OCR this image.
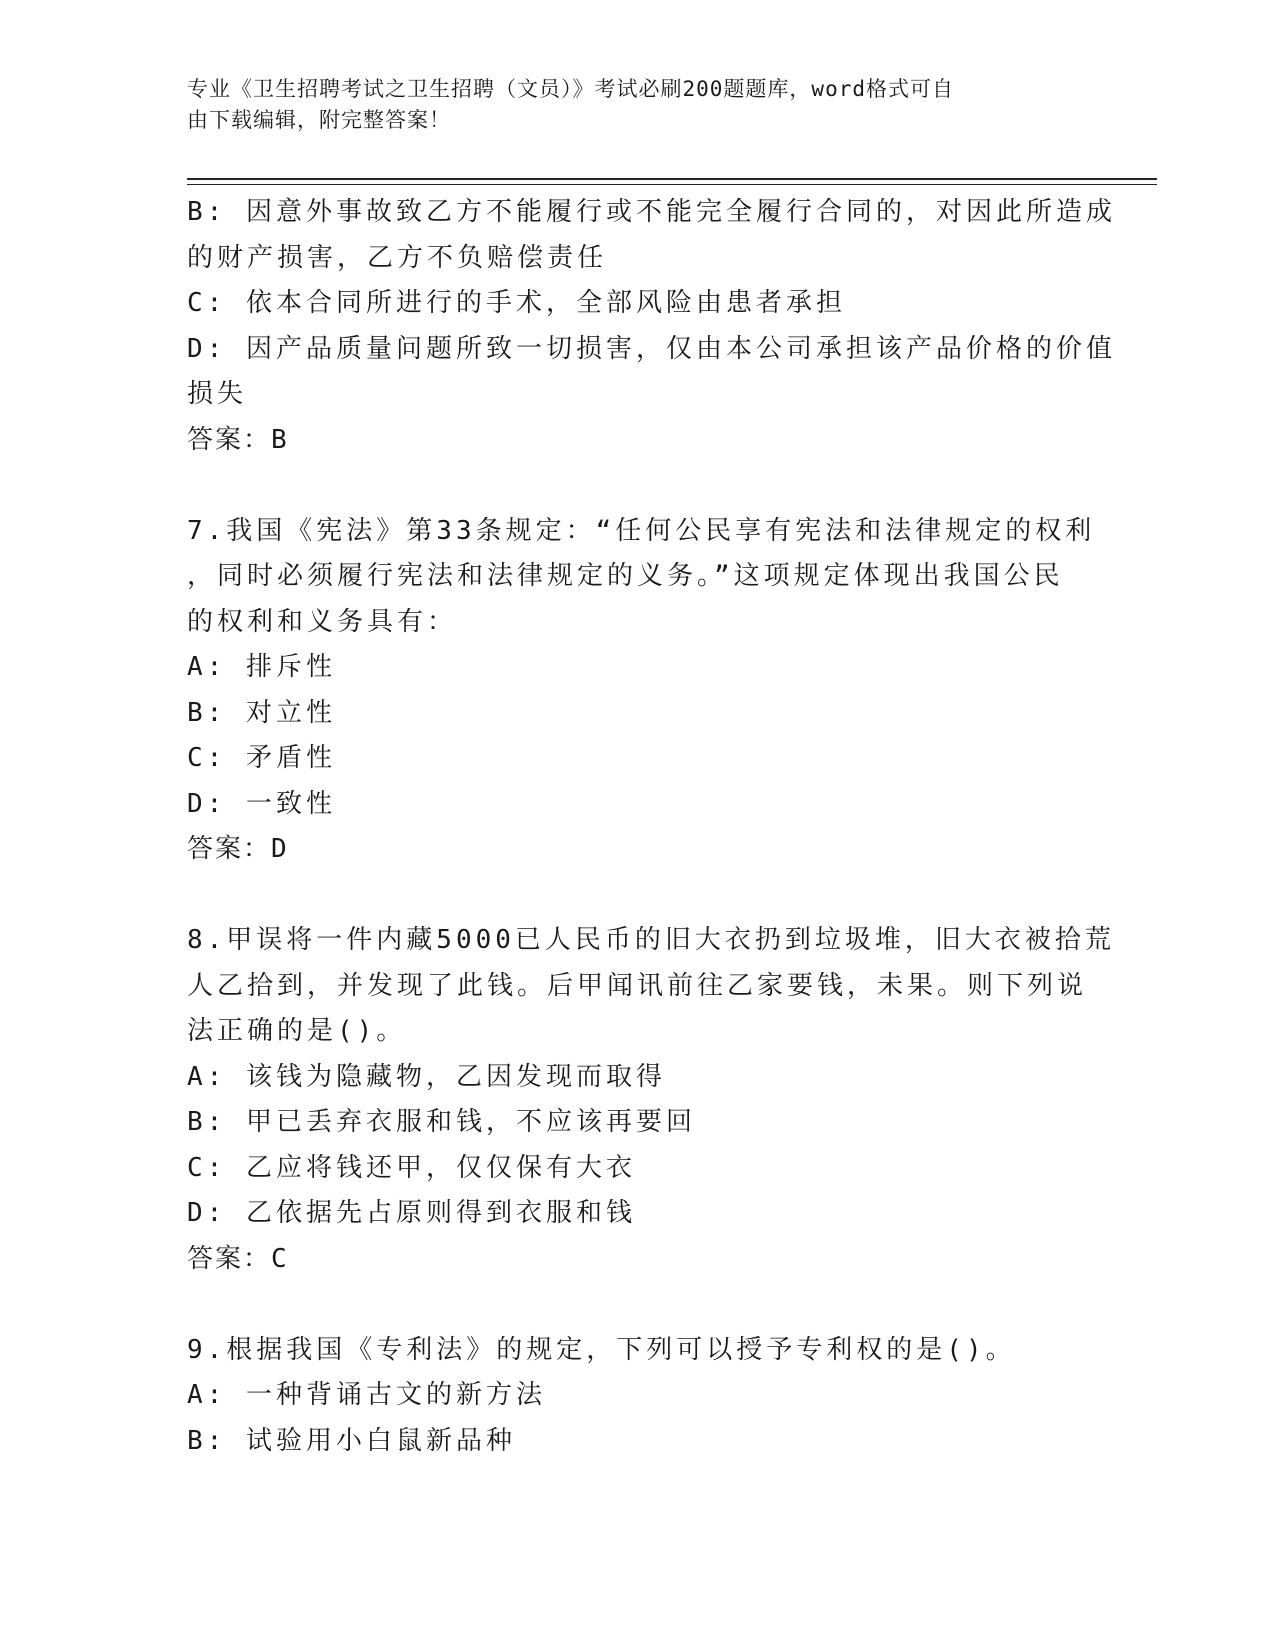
专业《卫生招聘考试之卫生招聘（文员）》考试必刷200题题库，word格式可自
由下载编辑，附完整答案！
B: 因意外事故致乙方不能履行或不能完全履行合同的，对因此所造成
的财产损害，乙方不负赔偿责任
C: 依本合同所进行的手术，全部风险由患者承担
D: 因产品质量问题所致一切损害，仅由本公司承担该产品价格的价值
损失
答案：B
7.我国《宪法》第33条规定：“任何公民享有宪法和法律规定的权利
，同时必须履行宪法和法律规定的义务。”这项规定体现出我国公民
的权利和义务具有：
A: 排斥性
B: 对立性
C: 矛盾性
D: 一致性
答案：D
8.甲误将一件内藏5000已人民币的旧大衣扔到垃圾堆，旧大衣被拾荒
人乙拾到，并发现了此钱。后甲闻讯前往乙家要钱，未果。则下列说
法正确的是()。
A: 该钱为隐藏物，乙因发现而取得
B: 甲已丢弃衣服和钱，不应该再要回
C: 乙应将钱还甲，仅仅保有大衣
D: 乙依据先占原则得到衣服和钱
答案：C
9.根据我国《专利法》的规定，下列可以授予专利权的是()。
A: 一种背诵古文的新方法
B: 试验用小白鼠新品种
